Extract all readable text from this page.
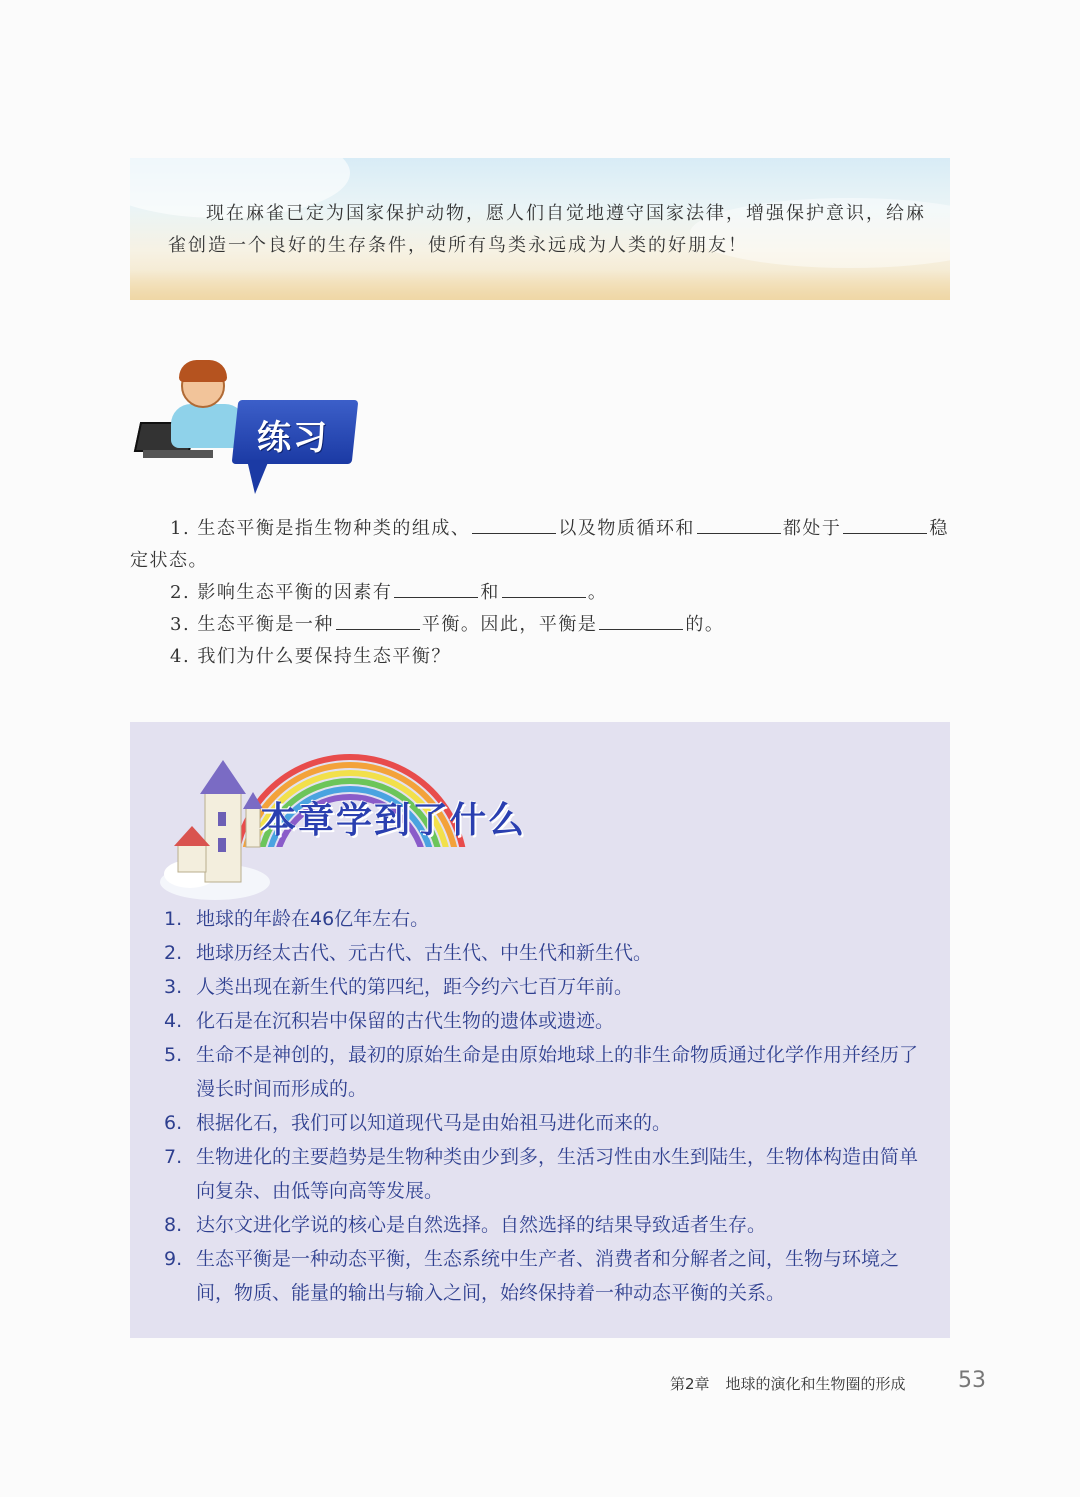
现在麻雀已定为国家保护动物，愿人们自觉地遵守国家法律，增强保护意识，给麻雀创造一个良好的生存条件，使所有鸟类永远成为人类的好朋友！

练习
1. 生态平衡是指生物种类的组成、	以及物质循环和	都处于	稳定状态。
2. 影响生态平衡的因素有	和	。
3. 生态平衡是一种	平衡。因此，平衡是	的。
4. 我们为什么要保持生态平衡？
本章学到了什么
1. 地球的年龄在46亿年左右。
2. 地球历经太古代、元古代、古生代、中生代和新生代。
3. 人类出现在新生代的第四纪，距今约六七百万年前。
4. 化石是在沉积岩中保留的古代生物的遗体或遗迹。
5. 生命不是神创的，最初的原始生命是由原始地球上的非生命物质通过化学作用并经历了漫长时间而形成的。
6. 根据化石，我们可以知道现代马是由始祖马进化而来的。
7. 生物进化的主要趋势是生物种类由少到多，生活习性由水生到陆生，生物体构造由简单向复杂、由低等向高等发展。
8. 达尔文进化学说的核心是自然选择。自然选择的结果导致适者生存。
9. 生态平衡是一种动态平衡，生态系统中生产者、消费者和分解者之间，生物与环境之间，物质、能量的输出与输入之间，始终保持着一种动态平衡的关系。
第2章 地球的演化和生物圈的形成 53
